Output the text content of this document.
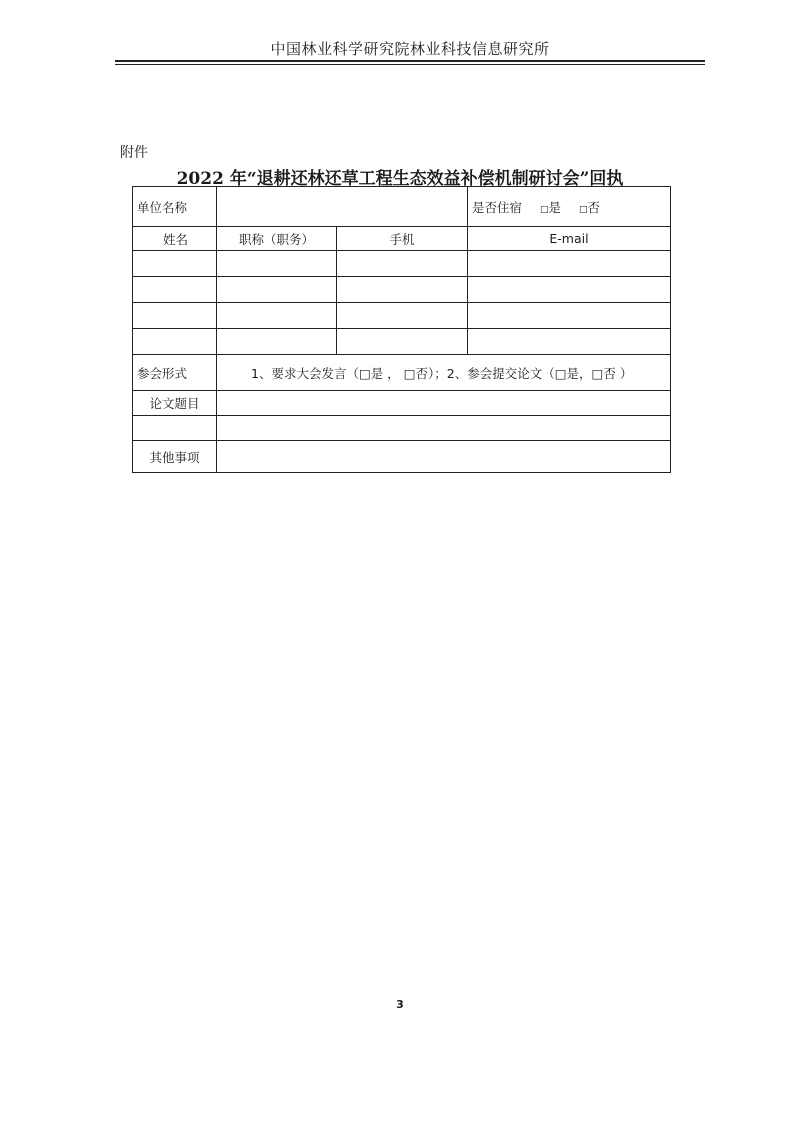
中国林业科学研究院林业科技信息研究所
附件
2022 年“退耕还林还草工程生态效益补偿机制研讨会”回执
单位名称			是否住宿 □是 □否
姓名	职称（职务）	手机	E-mail

参会形式	1、要求大会发言（□是 ， □否）；2、参会提交论文（□是，□否 ）		
论文题目			

其他事项			
3
